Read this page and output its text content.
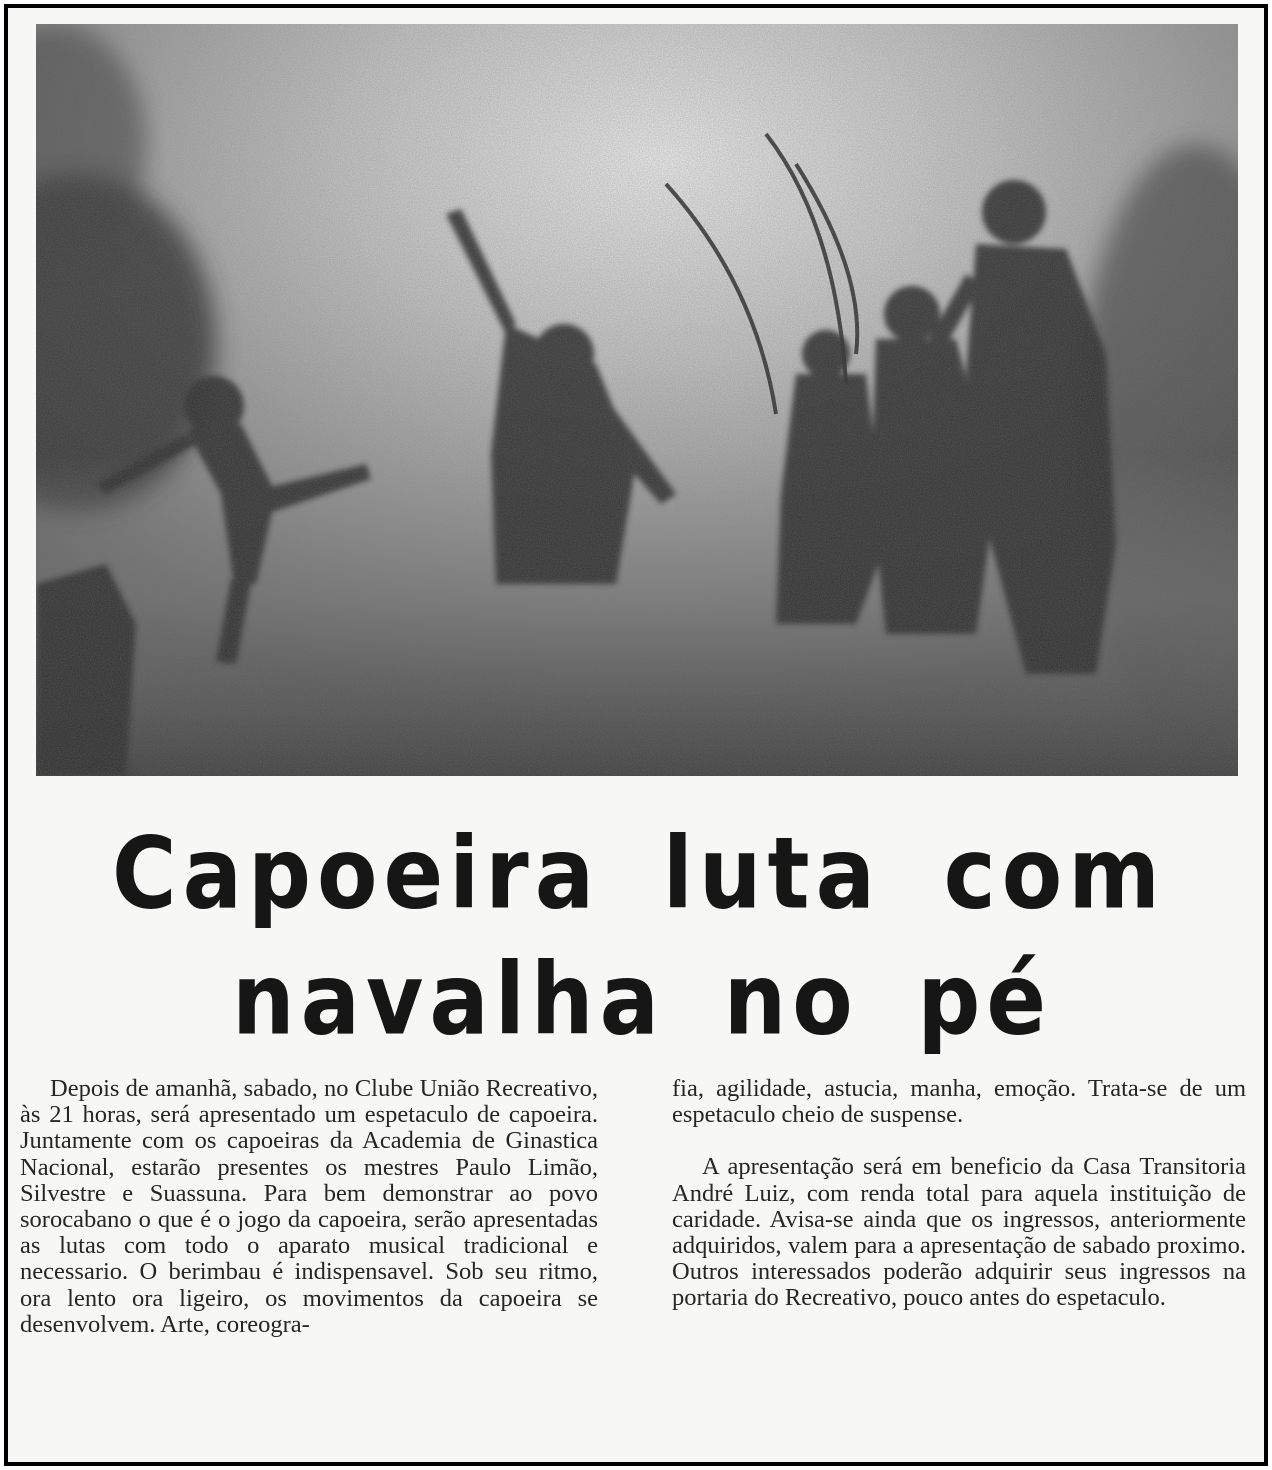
Capoeira luta com
navalha no pé
Depois de amanhã, sabado, no Clube União Recreativo, às 21 horas, será apresentado um espetaculo de capoeira. Juntamente com os capoeiras da Academia de Ginastica Nacional, estarão presentes os mestres Paulo Limão, Silvestre e Suassuna. Para bem demonstrar ao povo sorocabano o que é o jogo da capoeira, serão apresentadas as lutas com todo o aparato musical tradicional e necessario. O berimbau é indispensavel. Sob seu ritmo, ora lento ora ligeiro, os movimentos da capoeira se desenvolvem. Arte, coreogra-

fia, agilidade, astucia, manha, emoção. Trata-se de um espetaculo cheio de suspense.

A apresentação será em beneficio da Casa Transitoria André Luiz, com renda total para aquela instituição de caridade. Avisa-se ainda que os ingressos, anteriormente adquiridos, valem para a apresentação de sabado proximo. Outros interessados poderão adquirir seus ingressos na portaria do Recreativo, pouco antes do espetaculo.
